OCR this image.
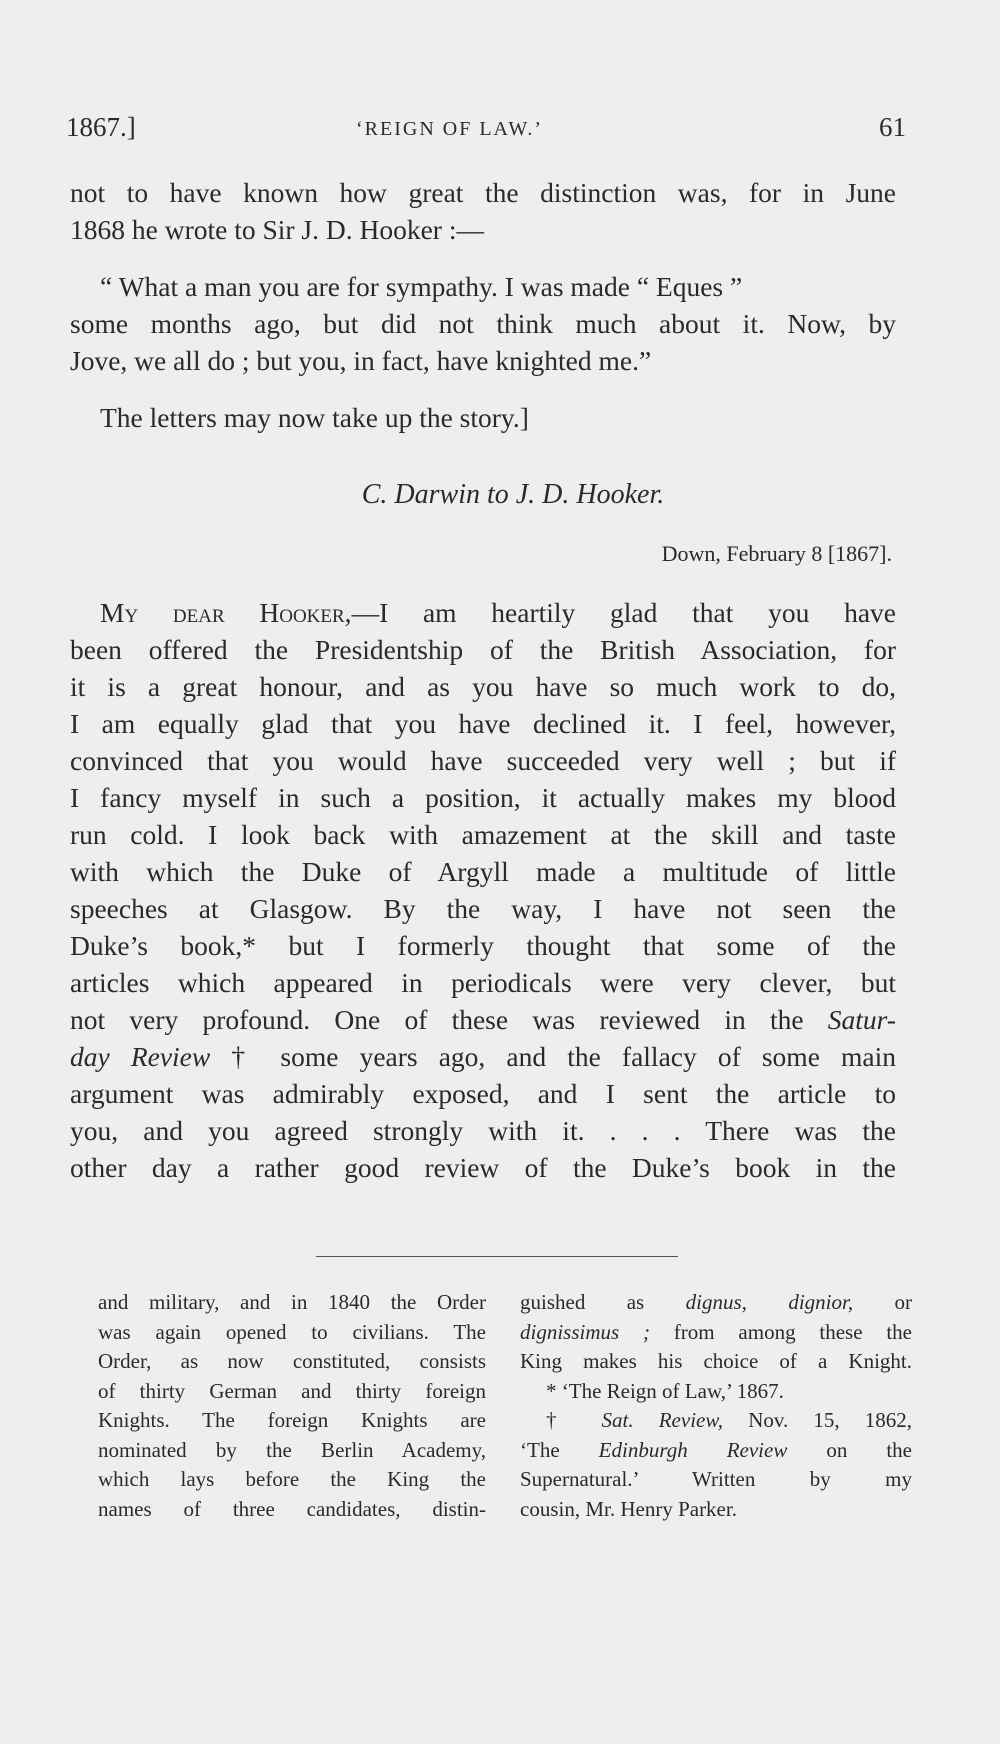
1867.]	‘REIGN OF LAW.’	61
not to have known how great the distinction was, for in June
1868 he wrote to Sir J. D. Hooker :—
“ What a man you are for sympathy. I was made “ Eques ”
some months ago, but did not think much about it. Now, by
Jove, we all do ; but you, in fact, have knighted me.”
The letters may now take up the story.]
C. Darwin to J. D. Hooker.
Down, February 8 [1867].
My dear Hooker,—I am heartily glad that you have
been offered the Presidentship of the British Association, for
it is a great honour, and as you have so much work to do,
I am equally glad that you have declined it. I feel, however,
convinced that you would have succeeded very well ; but if
I fancy myself in such a position, it actually makes my blood
run cold. I look back with amazement at the skill and taste
with which the Duke of Argyll made a multitude of little
speeches at Glasgow. By the way, I have not seen the
Duke’s book,* but I formerly thought that some of the
articles which appeared in periodicals were very clever, but
not very profound. One of these was reviewed in the Satur-
day Review † some years ago, and the fallacy of some main
argument was admirably exposed, and I sent the article to
you, and you agreed strongly with it. . . . There was the
other day a rather good review of the Duke’s book in the
and military, and in 1840 the Order
was again opened to civilians. The
Order, as now constituted, consists
of thirty German and thirty foreign
Knights. The foreign Knights are
nominated by the Berlin Academy,
which lays before the King the
names of three candidates, distin-
guished as dignus, dignior, or
dignissimus ; from among these the
King makes his choice of a Knight.
* ‘The Reign of Law,’ 1867.
† Sat. Review, Nov. 15, 1862,
‘The Edinburgh Review on the
Supernatural.’ Written by my
cousin, Mr. Henry Parker.
